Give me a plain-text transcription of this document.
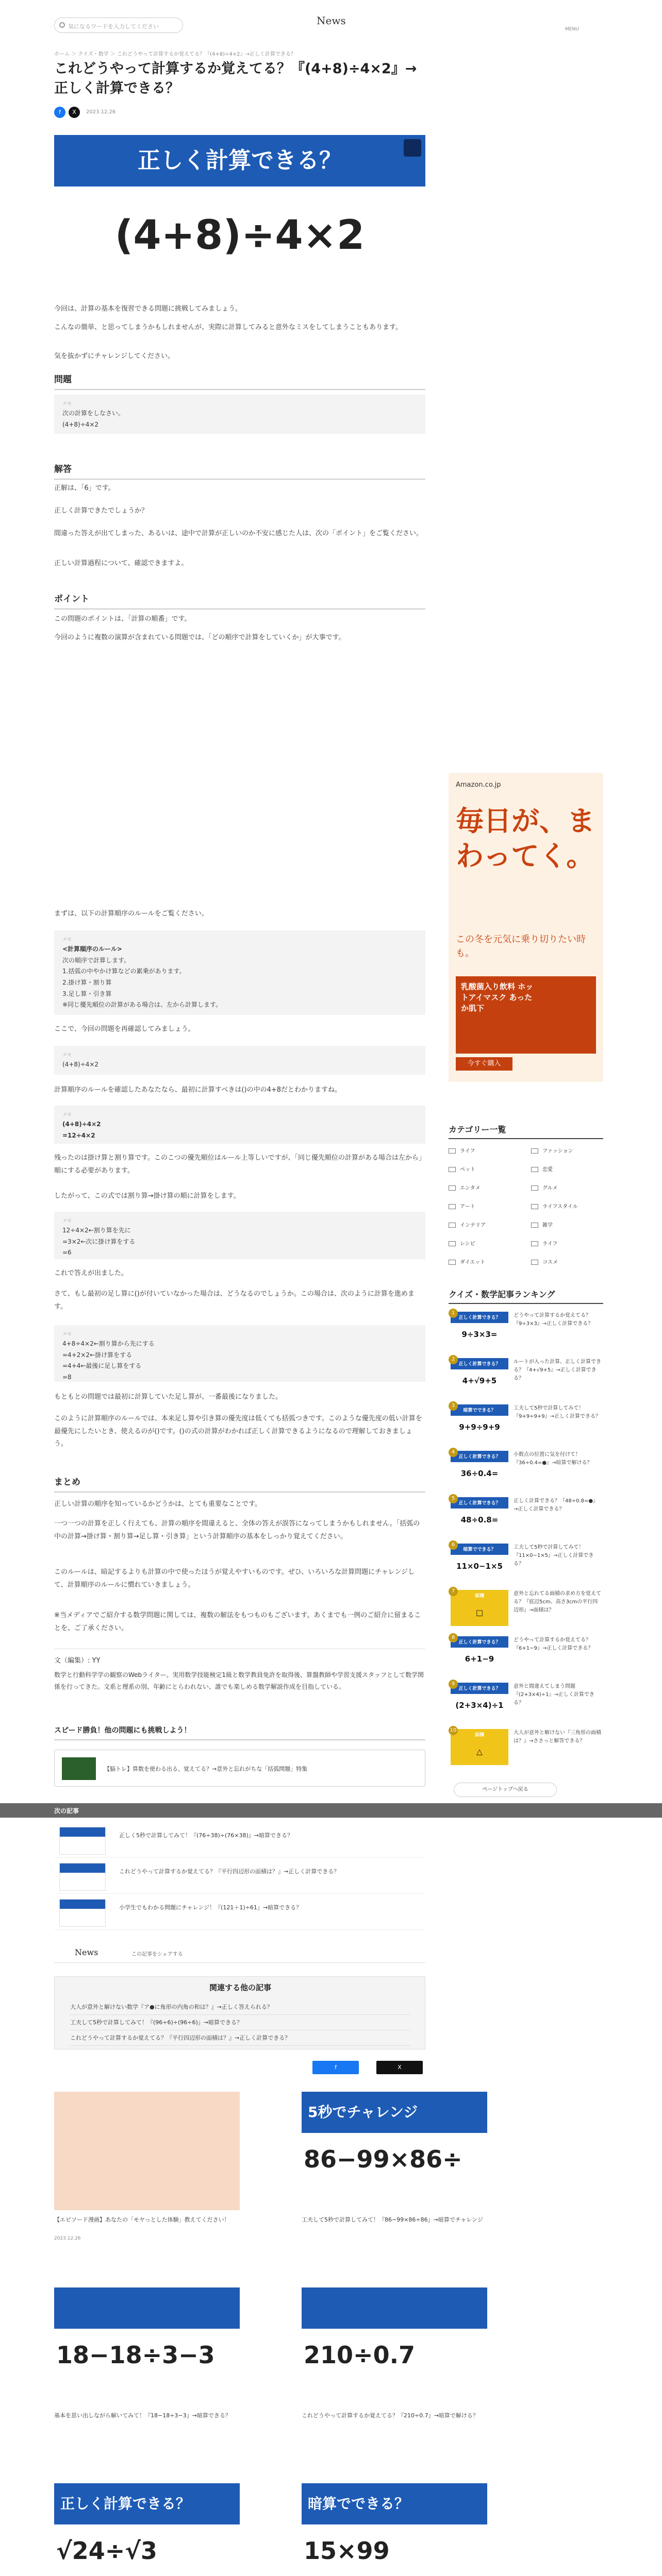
気になるワードを入力してください	News
MENU
ホーム ＞ クイズ・数学 ＞ これどうやって計算するか覚えてる？『(4+8)÷4×2』→正しく計算できる？
これどうやって計算するか覚えてる？『(4+8)÷4×2』→正しく計算できる？
f X 2023.12.26
正しく計算できる？
(4+8)÷4×2
今回は、計算の基本を復習できる問題に挑戦してみましょう。
こんなの簡単、と思ってしまうかもしれませんが、実際に計算してみると意外なミスをしてしまうこともあります。
気を抜かずにチャレンジしてください。
問題
メモ
次の計算をしなさい。
(4+8)÷4×2
解答
正解は、「6」です。
正しく計算できたでしょうか？
間違った答えが出てしまった、あるいは、途中で計算が正しいのか不安に感じた人は、次の「ポイント」をご覧ください。
正しい計算過程について、確認できますよ。
ポイント
この問題のポイントは、「計算の順番」です。
今回のように複数の演算が含まれている問題では、「どの順序で計算をしていくか」が大事です。
まずは、以下の計算順序のルールをご覧ください。
メモ
<計算順序のルール>
次の順序で計算します。
1.括弧の中やかけ算などの累乗があります。
2.掛け算・割り算
3.足し算・引き算
※同じ優先順位の計算がある場合は、左から計算します。
ここで、今回の問題を再確認してみましょう。
メモ
(4+8)÷4×2
計算順序のルールを確認したあなたなら、最初に計算すべきは()の中の4+8だとわかりますね。
メモ
(4+8)÷4×2
=12÷4×2
残ったのは掛け算と割り算です。このこつの優先順位はルール上等しいですが、「同じ優先順位の計算がある場合は左から」順にする必要があります。
したがって、この式では割り算→掛け算の順に計算をします。
メモ
12÷4×2←割り算を先に
=3×2←次に掛け算をする
=6
これで答えが出ました。
さて、もし最初の足し算に()が付いていなかった場合は、どうなるのでしょうか。この場合は、次のように計算を進めます。
メモ
4+8÷4×2←割り算から先にする
=4+2×2←掛け算をする
=4+4←最後に足し算をする
=8
もともとの問題では最初に計算していた足し算が、一番最後になりました。
このように計算順序のルールでは、本来足し算や引き算の優先度は低くても括弧つきです。このような優先度の低い計算を最優先にしたいとき、使えるのが()です。()の式の計算がわかれば正しく計算できるようになるので理解しておきましょう。
まとめ
正しい計算の順序を知っているかどうかは、とても重要なことです。
一つ一つの計算を正しく行えても、計算の順序を間違えると、全体の答えが誤答になってしまうかもしれません。「括弧の中の計算→掛け算・割り算→足し算・引き算」という計算順序の基本をしっかり覚えてください。
このルールは、暗記するよりも計算の中で使ったほうが覚えやすいものです。ぜひ、いろいろな計算問題にチャレンジして、計算順序のルールに慣れていきましょう。
※当メディアでご紹介する数学問題に関しては、複数の解法をもつものもございます。あくまでも一例のご紹介に留まることを、ご了承ください。
文（編集）: YY
数学と行動科学学の観察のWebライター。実用数学技能検定1級と数学教員免許を取得後、算盤教師や学習支援スタッフとして数学関係を行ってきた。文系と理系の別、年齢にとらわれない、誰でも楽しめる数学解説作成を目指している。
スピード勝負！他の問題にも挑戦しよう！
【脳トレ】算数を使わる出る、覚えてる？→意外と忘れがちな「括弧問題」特集
Amazon.co.jp
毎日が、まわってく。
この冬を元気に乗り切りたい時も。
乳酸菌入り飲料 ホットアイマスク あったか肌下
今すぐ購入
カテゴリー一覧
ライフ	ファッション
ペット	恋愛
エンタメ	グルメ
アート	ライフスタイル
インテリア	雑学
レシピ	ライフ
ダイエット	コスメ
クイズ・数学記事ランキング
正しく計算できる？
9÷3×3=
1	どうやって計算するか覚えてる？『9÷3×3』→正しく計算できる？
正しく計算できる？
4+√9+5
2	ルートが入った計算、正しく計算できる？『4+√9+5』→正しく計算できる？
暗算でできる？
9+9÷9+9
3	工夫して5秒で計算してみて！『9+9÷9+9』→正しく計算できる？
正しく計算できる？
36÷0.4=
4	小数点の位置に気を付けて！『36÷0.4=●』→暗算で解ける？
正しく計算できる？
48÷0.8=
5	正しく計算できる？『48÷0.8=●』→正しく計算できる？
暗算でできる？
11×0−1×5
6	工夫して5秒で計算してみて！『11×0−1×5』→正しく計算できる？
面積
□
7	意外と忘れてる面積の求め方を覚えてる？『底辺5cm、高さ3cmの平行四辺形』→面積は？
正しく計算できる？
6+1−9
8	どうやって計算するか覚えてる？『6+1−9』→正しく計算できる？
正しく計算できる？
(2+3×4)÷1
9	意外と間違えてしまう問題『(2+3×4)÷1』→正しく計算できる？
面積
△
10	大人が意外と解けない『三角形の面積は？』→ささっと解答できる？
ページトップへ戻る
次の記事
正しく5秒で計算してみて！『(76÷38)÷(76×38)』→暗算できる？
これどうやって計算するか覚えてる？『平行四辺形の面積は？』→正しく計算できる？
小学生でもわかる問題にチャレンジ！『(121＋1)÷61』→暗算できる？
News	この記事をシェアする
関連する他の記事
大人が意外と解けない数学『ア●に角形の内角の和は？』→正しく答えられる？
工夫して5秒で計算してみて！『(96÷6)÷(96÷6)』→暗算できる？
これどうやって計算するか覚えてる？『平行四辺形の面積は？』→正しく計算できる？
f	X
【エピソード漫画】あなたの「モヤっとした体験」教えてください！
2023.12.26
5秒でチャレンジ
86−99×86÷
工夫して5秒で計算してみて！『86−99×86÷86』→暗算でチャレンジ
18−18÷3−3
基本を思い出しながら解いてみて！『18−18÷3−3』→暗算できる？
210÷0.7
これどうやって計算するか覚えてる？『210÷0.7』→暗算で解ける？
正しく計算できる？
√24÷√3
暗算でできる？
15×99
